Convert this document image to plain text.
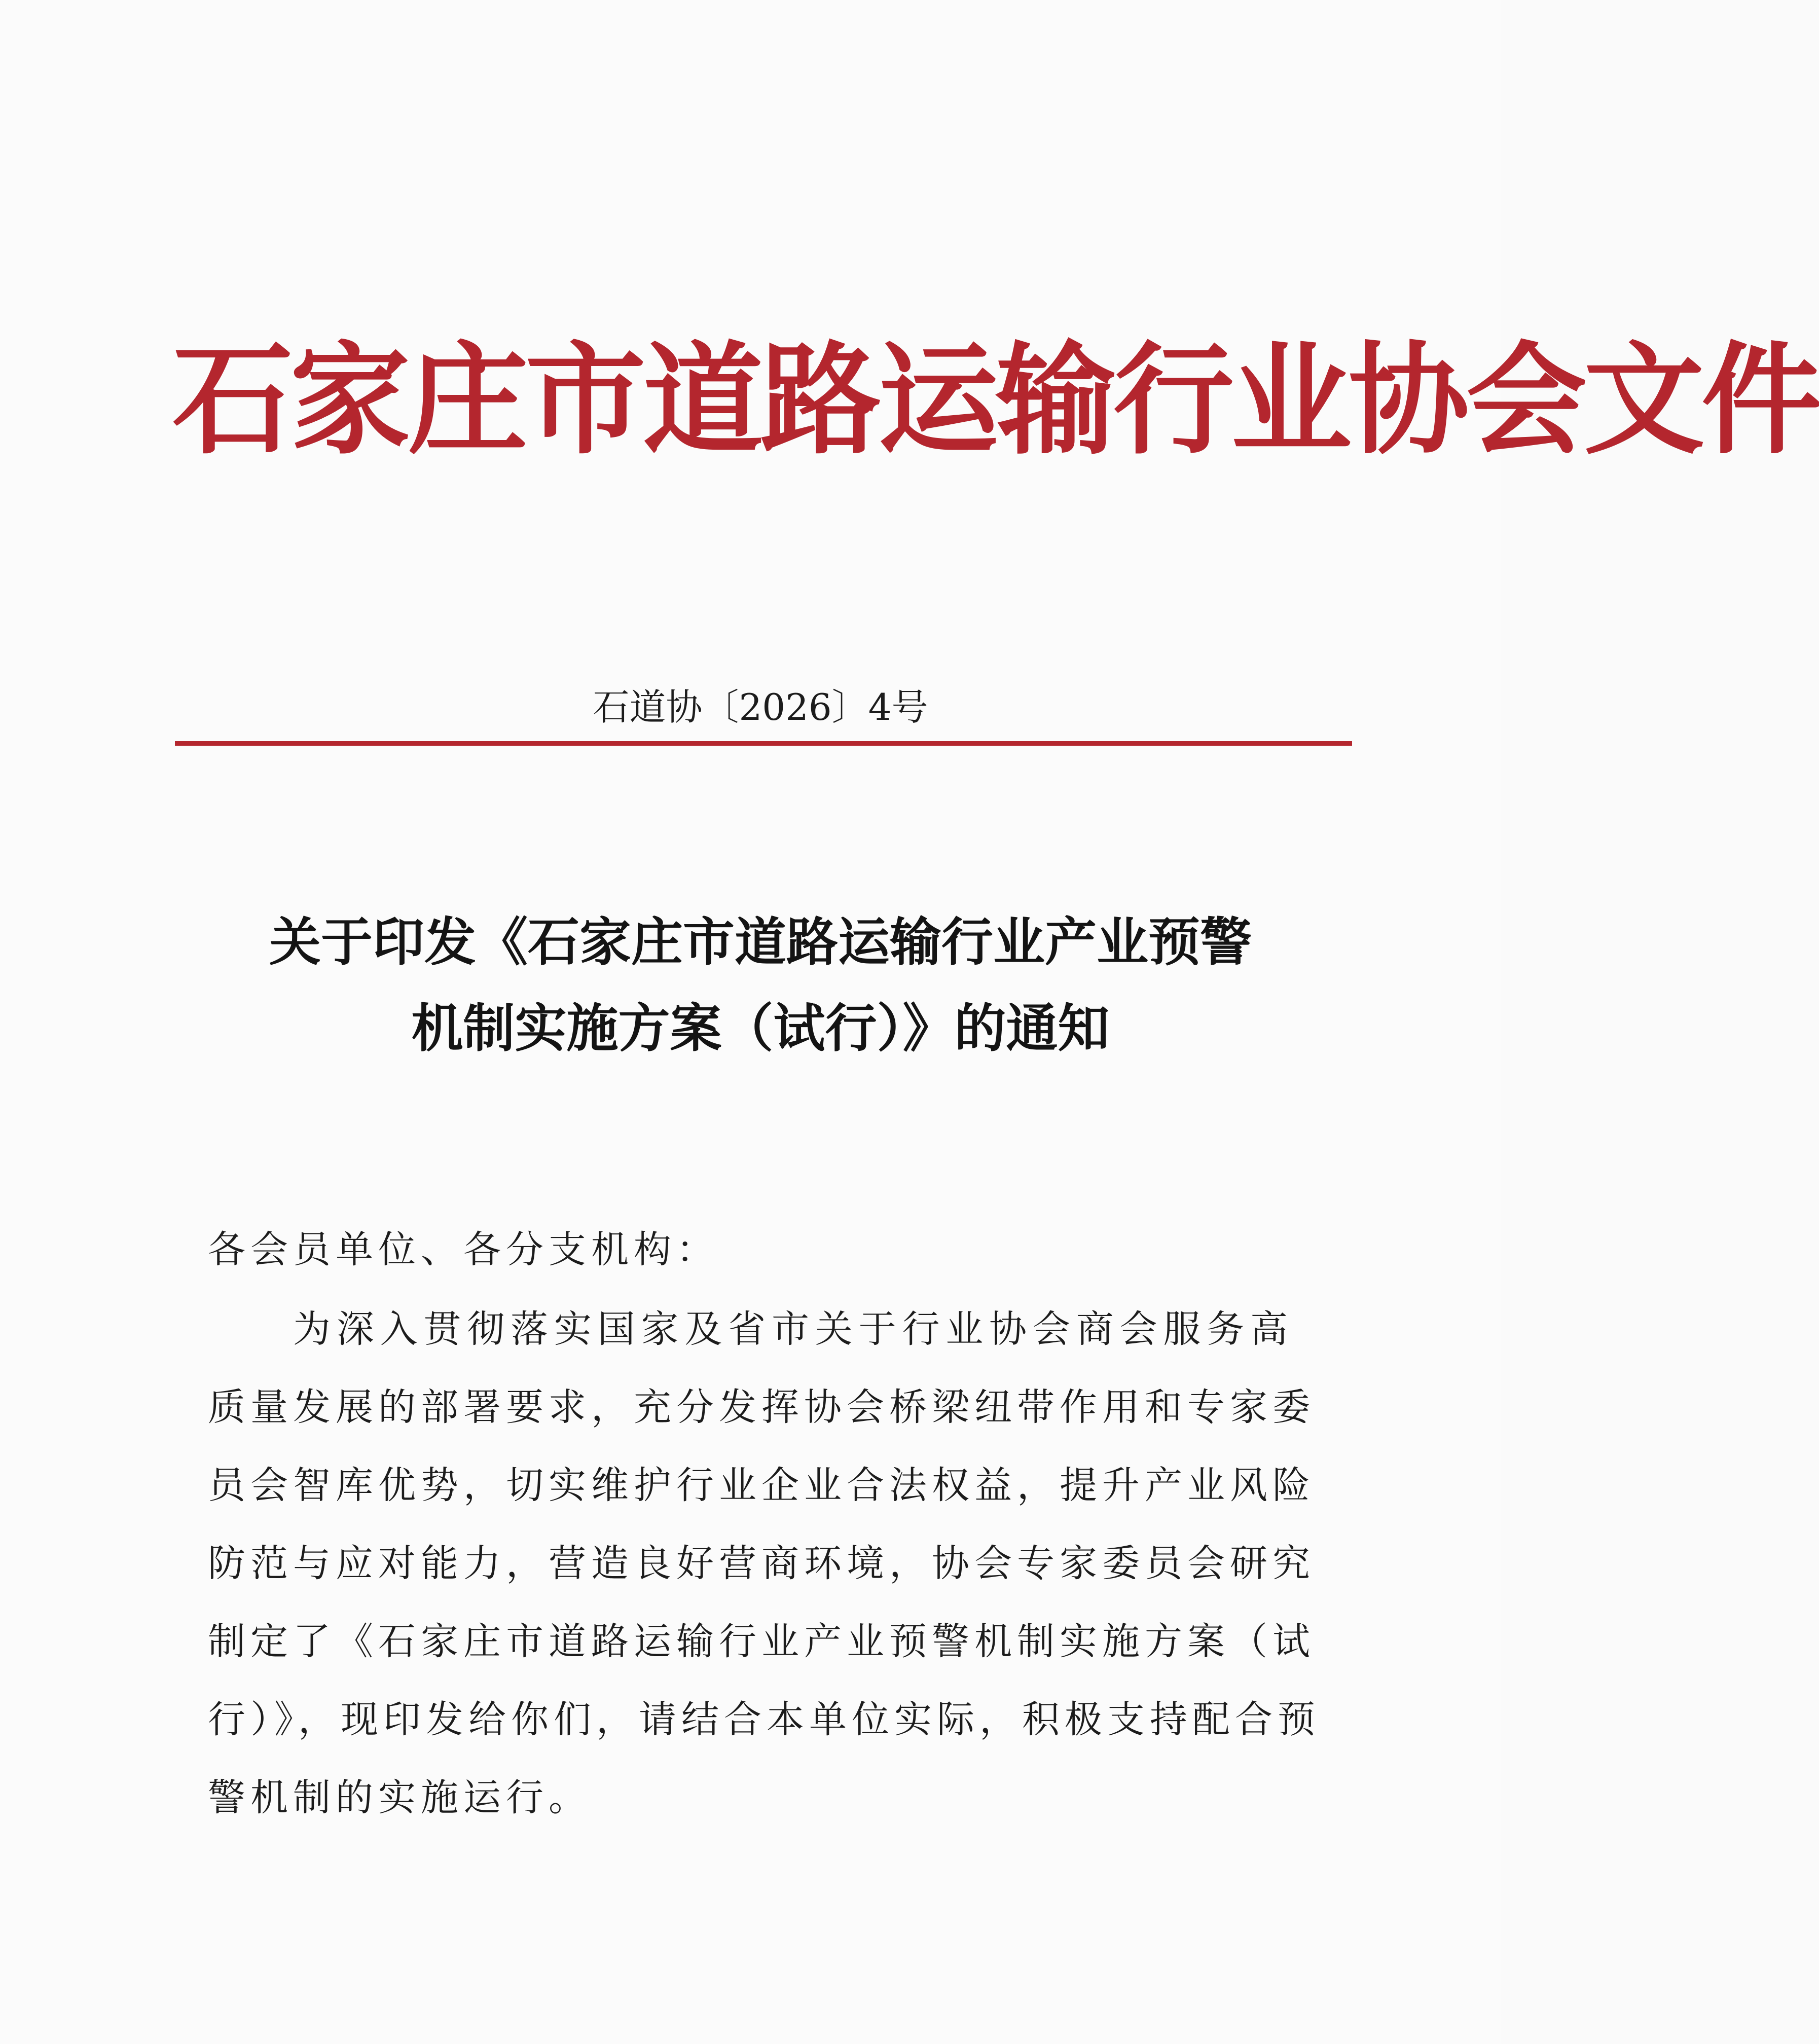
石家庄市道路运输行业协会文件
石道协〔2026〕4号
关于印发《石家庄市道路运输行业产业预警
机制实施方案（试行）》的通知
各会员单位、各分支机构：
为深入贯彻落实国家及省市关于行业协会商会服务高
质量发展的部署要求，充分发挥协会桥梁纽带作用和专家委
员会智库优势，切实维护行业企业合法权益，提升产业风险
防范与应对能力，营造良好营商环境，协会专家委员会研究
制定了《石家庄市道路运输行业产业预警机制实施方案（试
行）》，现印发给你们，请结合本单位实际，积极支持配合预
警机制的实施运行。
